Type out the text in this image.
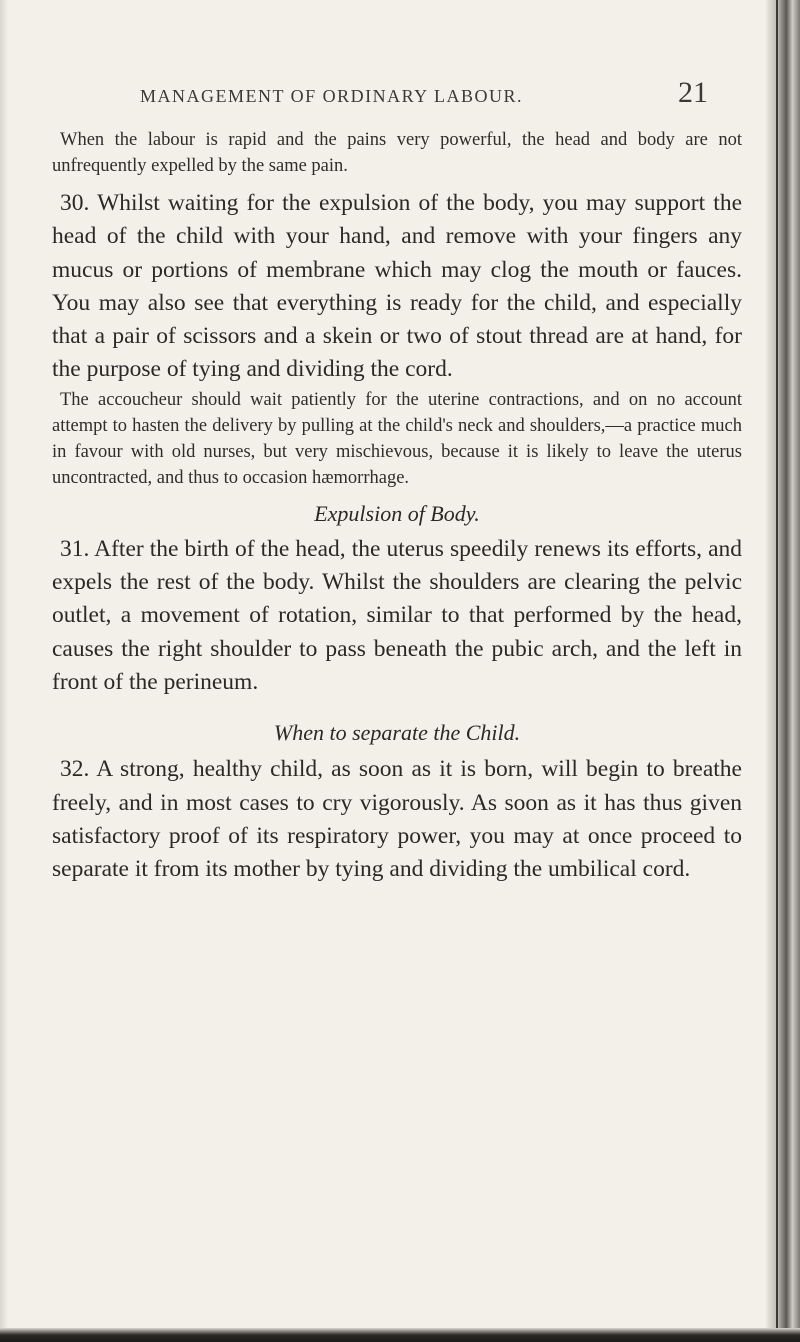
MANAGEMENT OF ORDINARY LABOUR.	21

When the labour is rapid and the pains very powerful, the head and body are not unfrequently expelled by the same pain.

30. Whilst waiting for the expulsion of the body, you may support the head of the child with your hand, and remove with your fingers any mucus or portions of membrane which may clog the mouth or fauces. You may also see that everything is ready for the child, and especially that a pair of scissors and a skein or two of stout thread are at hand, for the purpose of tying and dividing the cord.

The accoucheur should wait patiently for the uterine contractions, and on no account attempt to hasten the delivery by pulling at the child's neck and shoulders,—a practice much in favour with old nurses, but very mischievous, because it is likely to leave the uterus uncontracted, and thus to occasion hæmorrhage.

Expulsion of Body.

31. After the birth of the head, the uterus speedily renews its efforts, and expels the rest of the body. Whilst the shoulders are clearing the pelvic outlet, a movement of rotation, similar to that performed by the head, causes the right shoulder to pass beneath the pubic arch, and the left in front of the perineum.

When to separate the Child.

32. A strong, healthy child, as soon as it is born, will begin to breathe freely, and in most cases to cry vigorously. As soon as it has thus given satisfactory proof of its respiratory power, you may at once proceed to separate it from its mother by tying and dividing the umbilical cord.
